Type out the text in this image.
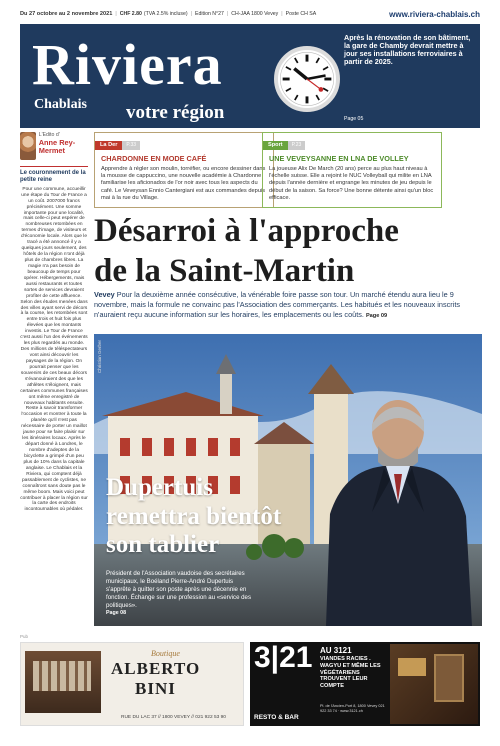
Du 27 octobre au 2 novembre 2021 | CHF 2.80 (TVA 2.5% incluse) | Edition N°27 | CH-JAA 1800 Vevey | Poste CH SA	www.riviera-chablais.ch
Riviera
Chablais votre région
Après la rénovation de son bâtiment, la gare de Chamby devrait mettre à jour ses installations ferroviaires à partir de 2025.
Page 05
L'Édito d'
Anne Rey-Mermet
Le couronnement de la petite reine
Pour une commune, accueillir une étape du Tour de France a un coût. 2007000 francs précisément. Une somme importante pour une localité, mais celle-ci peut espérer de nombreuses retombées en termes d'image, de visiteurs et d'économie locale. Alors que le tracé a été annoncé il y a quelques jours seulement, des hôtels de la région n'ont déjà plus de chambres libres. La magie n'a pas besoin de beaucoup de temps pour opérer. Hébergements, mais aussi restaurants et toutes sortes de services devraient profiter de cette affluence. Selon des études menées dans des villes ayant servi de décors à la course, les retombées sont entre trois et huit fois plus élevées que les montants investis. Le Tour de France c'est aussi l'un des événements les plus regardés au monde. Des millions de téléspectateurs vont ainsi découvrir les paysages de la région. On pourrait penser que les souvenirs de ces beaux décors s'évanouiraient des que les athlètes s'éloignent, mais certaines communes françaises ont même enregistré de nouveaux habitants ensuite. Reste à savoir transformer l'occasion et montrer à toute la planète qu'il n'est pas nécessaire de porter un maillot jaune pour se faire plaisir sur les itinéraires locaux. Après le départ donné à Londres, le nombre d'adeptes de la bicyclette a grimpé d'un peu plus de 10% dans la capitale anglaise. Le Chablais et la Riviera, qui comptent déjà passablement de cyclistes, ne connaîtront sans doute pas le même boom. Mais voici peut contribuer à placer la région sur la carte des endroits incontournables où pédaler.
La Der P.33
CHARDONNE EN MODE CAFÉ
Apprendre à régler son moulin, torréfier, ou encore dessiner dans la mousse de cappuccino, une nouvelle académie à Chardonne familiarise les aficionados de l'or noir avec tous les aspects du café. Le Veveysan Ennio Cantergiani est aux commandes depuis mai à la rue du Village.
Sport P.23
UNE VEVEYSANNE EN LNA DE VOLLEY
La joueuse Alix De March (20 ans) perce au plus haut niveau à l'échelle suisse. Elle a rejoint le NUC Volleyball qui milite en LNA depuis l'année dernière et engrange les minutes de jeu depuis le début de la saison. Sa force? Une bonne détente ainsi qu'un bloc efficace.
Désarroi à l'approche
de la Saint-Martin
Vevey Pour la deuxième année consécutive, la vénérable foire passe son tour. Un marché étendu aura lieu le 9 novembre, mais la formule ne convainc pas l'Association des commerçants. Les habitués et les nouveaux inscrits n'auraient reçu aucune information sur les horaires, les emplacements ou les coûts. Page 09
Christian Gerber
Dupertuis
remettra bientôt
son tablier
Président de l'Association vaudoise des secrétaires municipaux, le Boéland Pierre-André Dupertuis s'apprête à quitter son poste après une décennie en fonction. Échange sur une profession au «service des politiques».
Page 08
Pub
Boutique
ALBERTO
BINI
RUE DU LAC 37 // 1800 VEVEY // 021 922 53 90
3|21
RESTO & BAR
AU 3121
VIANDES RACIES . WAGYU ET MÊME LES VÉGÉTARIENS TROUVENT LEUR COMPTE
Pl. de l'Ancien-Port 8, 1800 Vevey 021 922 33 74 · www.3121.ch
